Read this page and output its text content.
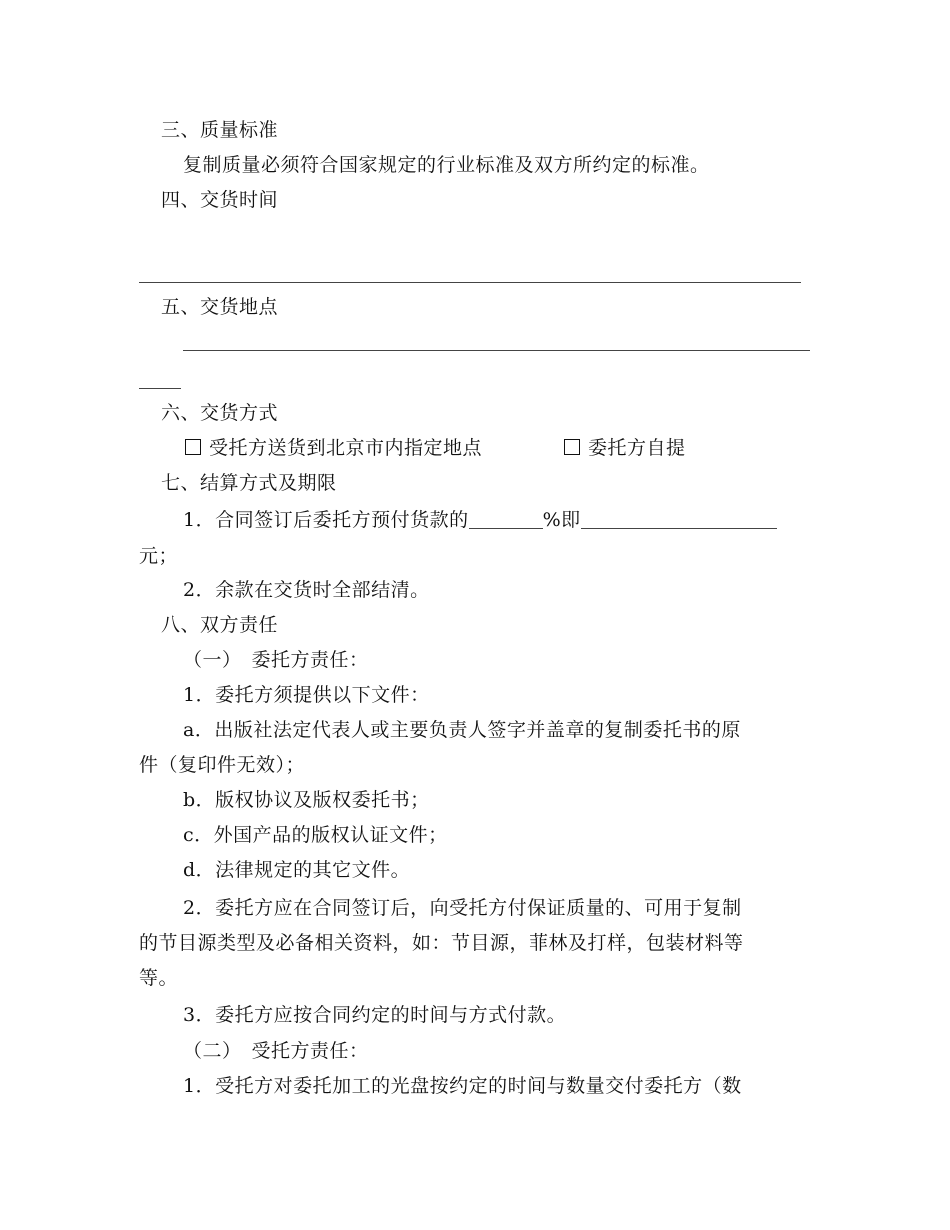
三、质量标准
复制质量必须符合国家规定的行业标准及双方所约定的标准。
四、交货时间
五、交货地点
六、交货方式
受托方送货到北京市内指定地点	委托方自提
七、结算方式及期限
1．合同签订后委托方预付货款的	%即
元；
2．余款在交货时全部结清。
八、双方责任
（一）　委托方责任：
1．委托方须提供以下文件：
a．出版社法定代表人或主要负责人签字并盖章的复制委托书的原
件（复印件无效）；
b．版权协议及版权委托书；
c．外国产品的版权认证文件；
d．法律规定的其它文件。
2．委托方应在合同签订后，向受托方付保证质量的、可用于复制
的节目源类型及必备相关资料，如：节目源，菲林及打样，包装材料等
等。
3．委托方应按合同约定的时间与方式付款。
（二）　受托方责任：
1．受托方对委托加工的光盘按约定的时间与数量交付委托方（数
